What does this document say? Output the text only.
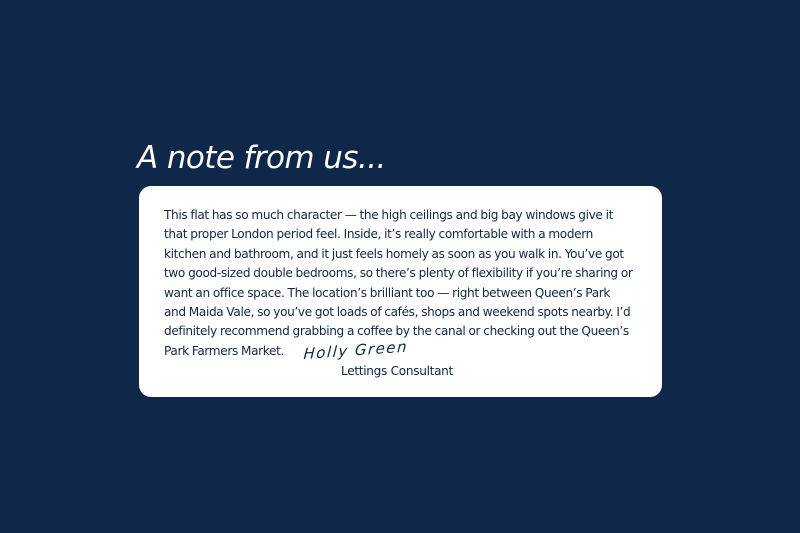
A note from us...

This flat has so much character — the high ceilings and big bay windows give it
that proper London period feel. Inside, it’s really comfortable with a modern
kitchen and bathroom, and it just feels homely as soon as you walk in. You’ve got
two good-sized double bedrooms, so there’s plenty of flexibility if you’re sharing or
want an office space. The location’s brilliant too — right between Queen’s Park
and Maida Vale, so you’ve got loads of cafés, shops and weekend spots nearby. I’d
definitely recommend grabbing a coffee by the canal or checking out the Queen’s
Park Farmers Market.	Holly Green
Lettings Consultant
